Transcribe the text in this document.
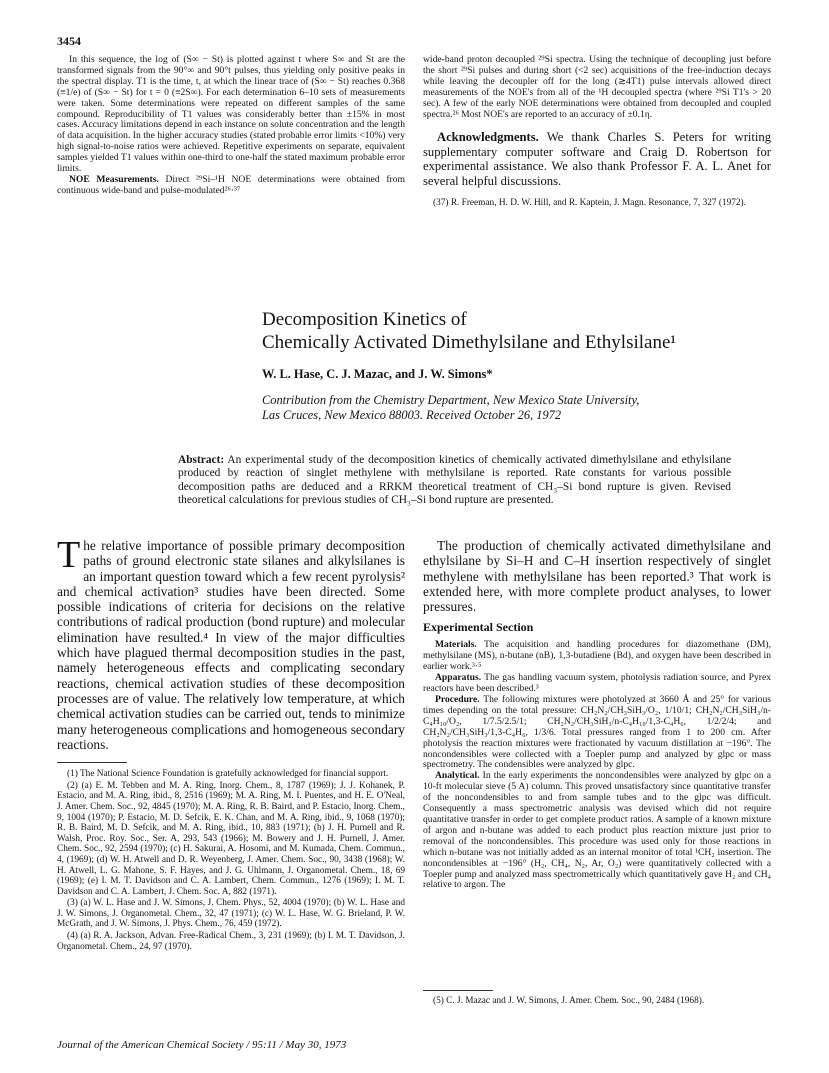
3454

In this sequence, the log of (S∞ − St) is plotted against t where S∞ and St are the transformed signals from the 90°∞ and 90°t pulses, thus yielding only positive peaks in the spectral display. T1 is the time, t, at which the linear trace of (S∞ − St) reaches 0.368 (≡1/e) of (S∞ − St) for t = 0 (≡2S∞). For each determination 6–10 sets of measurements were taken. Some determinations were repeated on different samples of the same compound. Reproducibility of T1 values was considerably better than ±15% in most cases. Accuracy limitations depend in each instance on solute concentration and the length of data acquisition. In the higher accuracy studies (stated probable error limits <10%) very high signal-to-noise ratios were achieved. Repetitive experiments on separate, equivalent samples yielded T1 values within one-third to one-half the stated maximum probable error limits.

NOE Measurements. Direct ²⁹Si–¹H NOE determinations were obtained from continuous wide-band and pulse-modulated²⁶·³⁷

wide-band proton decoupled ²⁹Si spectra. Using the technique of decoupling just before the short ²⁹Si pulses and during short (<2 sec) acquisitions of the free-induction decays while leaving the decoupler off for the long (≳4T1) pulse intervals allowed direct measurements of the NOE's from all of the ¹H decoupled spectra (where ²⁹Si T1's > 20 sec). A few of the early NOE determinations were obtained from decoupled and coupled spectra.²⁶ Most NOE's are reported to an accuracy of ±0.1η.

Acknowledgments. We thank Charles S. Peters for writing supplementary computer software and Craig D. Robertson for experimental assistance. We also thank Professor F. A. L. Anet for several helpful discussions.

(37) R. Freeman, H. D. W. Hill, and R. Kaptein, J. Magn. Resonance, 7, 327 (1972).

Decomposition Kinetics of
Chemically Activated Dimethylsilane and Ethylsilane¹
W. L. Hase, C. J. Mazac, and J. W. Simons*
Contribution from the Chemistry Department, New Mexico State University,
Las Cruces, New Mexico 88003. Received October 26, 1972
Abstract: An experimental study of the decomposition kinetics of chemically activated dimethylsilane and ethylsilane produced by reaction of singlet methylene with methylsilane is reported. Rate constants for various possible decomposition paths are deduced and a RRKM theoretical treatment of CH₃–Si bond rupture is given. Revised theoretical calculations for previous studies of CH₃–Si bond rupture are presented.
The relative importance of possible primary decomposition paths of ground electronic state silanes and alkylsilanes is an important question toward which a few recent pyrolysis² and chemical activation³ studies have been directed. Some possible indications of criteria for decisions on the relative contributions of radical production (bond rupture) and molecular elimination have resulted.⁴ In view of the major difficulties which have plagued thermal decomposition studies in the past, namely heterogeneous effects and complicating secondary reactions, chemical activation studies of these decomposition processes are of value. The relatively low temperature, at which chemical activation studies can be carried out, tends to minimize many heterogeneous complications and homogeneous secondary reactions.

(1) The National Science Foundation is gratefully acknowledged for financial support.

(2) (a) E. M. Tebben and M. A. Ring, Inorg. Chem., 8, 1787 (1969); J. J. Kohanek, P. Estacio, and M. A. Ring, ibid., 8, 2516 (1969); M. A. Ring, M. I. Puentes, and H. E. O'Neal, J. Amer. Chem. Soc., 92, 4845 (1970); M. A. Ring, R. B. Baird, and P. Estacio, Inorg. Chem., 9, 1004 (1970); P. Estacio, M. D. Sefcik, E. K. Chan, and M. A. Ring, ibid., 9, 1068 (1970); R. B. Baird, M. D. Sefcik, and M. A. Ring, ibid., 10, 883 (1971); (b) J. H. Purnell and R. Walsh, Proc. Roy. Soc., Ser. A, 293, 543 (1966); M. Bowery and J. H. Purnell, J. Amer. Chem. Soc., 92, 2594 (1970); (c) H. Sakurai, A. Hosomi, and M. Kumada, Chem. Commun., 4, (1969); (d) W. H. Atwell and D. R. Weyenberg, J. Amer. Chem. Soc., 90, 3438 (1968); W. H. Atwell, L. G. Mahone, S. F. Hayes, and J. G. Uhlmann, J. Organometal. Chem., 18, 69 (1969); (e) I. M. T. Davidson and C. A. Lambert, Chem. Commun., 1276 (1969); I. M. T. Davidson and C. A. Lambert, J. Chem. Soc. A, 882 (1971).

(3) (a) W. L. Hase and J. W. Simons, J. Chem. Phys., 52, 4004 (1970); (b) W. L. Hase and J. W. Simons, J. Organometal. Chem., 32, 47 (1971); (c) W. L. Hase, W. G. Brieland, P. W. McGrath, and J. W. Simons, J. Phys. Chem., 76, 459 (1972).

(4) (a) R. A. Jackson, Advan. Free-Radical Chem., 3, 231 (1969); (b) I. M. T. Davidson, J. Organometal. Chem., 24, 97 (1970).

The production of chemically activated dimethylsilane and ethylsilane by Si–H and C–H insertion respectively of singlet methylene with methylsilane has been reported.³ That work is extended here, with more complete product analyses, to lower pressures.

Experimental Section

Materials. The acquisition and handling procedures for diazomethane (DM), methylsilane (MS), n-butane (nB), 1,3-butadiene (Bd), and oxygen have been described in earlier work.³·⁵

Apparatus. The gas handling vacuum system, photolysis radiation source, and Pyrex reactors have been described.³

Procedure. The following mixtures were photolyzed at 3660 Å and 25° for various times depending on the total pressure: CH₂N₂/CH₃SiH₃/O₂, 1/10/1; CH₂N₂/CH₃SiH₃/n-C₄H₁₀/O₂, 1/7.5/2.5/1; CH₂N₂/CH₃SiH₃/n-C₄H₁₀/1,3-C₄H₆, 1/2/2/4; and CH₂N₂/CH₃SiH₃/1,3-C₄H₆, 1/3/6. Total pressures ranged from 1 to 200 cm. After photolysis the reaction mixtures were fractionated by vacuum distillation at −196°. The noncondensibles were collected with a Toepler pump and analyzed by glpc or mass spectrometry. The condensibles were analyzed by glpc.

Analytical. In the early experiments the noncondensibles were analyzed by glpc on a 10-ft molecular sieve (5 A) column. This proved unsatisfactory since quantitative transfer of the noncondensibles to and from sample tubes and to the glpc was difficult. Consequently a mass spectrometric analysis was devised which did not require quantitative transfer in order to get complete product ratios. A sample of a known mixture of argon and n-butane was added to each product plus reaction mixture just prior to removal of the noncondensibles. This procedure was used only for those reactions in which n-butane was not initially added as an internal monitor of total ¹CH₂ insertion. The noncondensibles at −196° (H₂, CH₄, N₂, Ar, O₂) were quantitatively collected with a Toepler pump and analyzed mass spectrometrically which quantitatively gave H₂ and CH₄ relative to argon. The

(5) C. J. Mazac and J. W. Simons, J. Amer. Chem. Soc., 90, 2484 (1968).

Journal of the American Chemical Society / 95:11 / May 30, 1973
